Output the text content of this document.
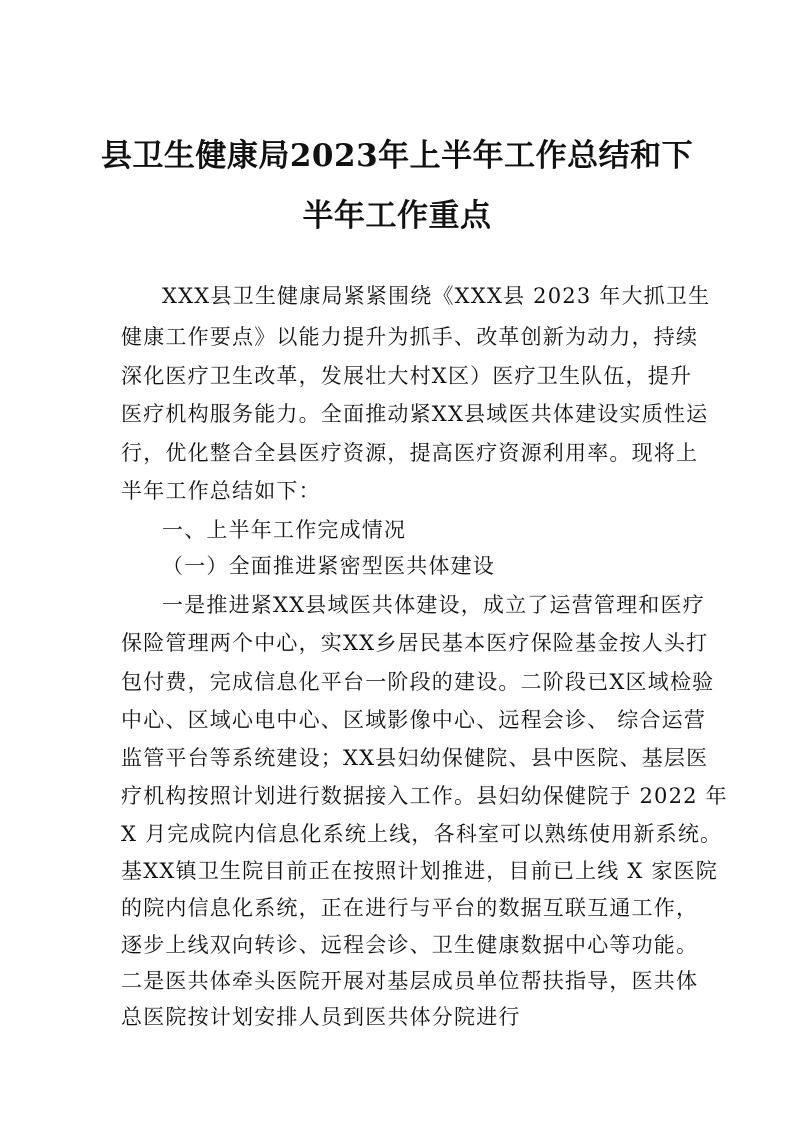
县卫生健康局2023年上半年工作总结和下
半年工作重点
XXX县卫生健康局紧紧围绕《XXX县 2023 年大抓卫生
健康工作要点》以能力提升为抓手、改革创新为动力，持续
深化医疗卫生改革，发展壮大村X区）医疗卫生队伍，提升
医疗机构服务能力。全面推动紧XX县域医共体建设实质性运
行，优化整合全县医疗资源，提高医疗资源利用率。现将上
半年工作总结如下：
一、上半年工作完成情况
（一）全面推进紧密型医共体建设
一是推进紧XX县域医共体建设，成立了运营管理和医疗
保险管理两个中心，实XX乡居民基本医疗保险基金按人头打
包付费，完成信息化平台一阶段的建设。二阶段已X区域检验
中心、区域心电中心、区域影像中心、远程会诊、 综合运营
监管平台等系统建设；XX县妇幼保健院、县中医院、基层医
疗机构按照计划进行数据接入工作。县妇幼保健院于 2022 年
X 月完成院内信息化系统上线，各科室可以熟练使用新系统。
基XX镇卫生院目前正在按照计划推进，目前已上线 X 家医院
的院内信息化系统，正在进行与平台的数据互联互通工作，
逐步上线双向转诊、远程会诊、卫生健康数据中心等功能。
二是医共体牵头医院开展对基层成员单位帮扶指导，医共体
总医院按计划安排人员到医共体分院进行
